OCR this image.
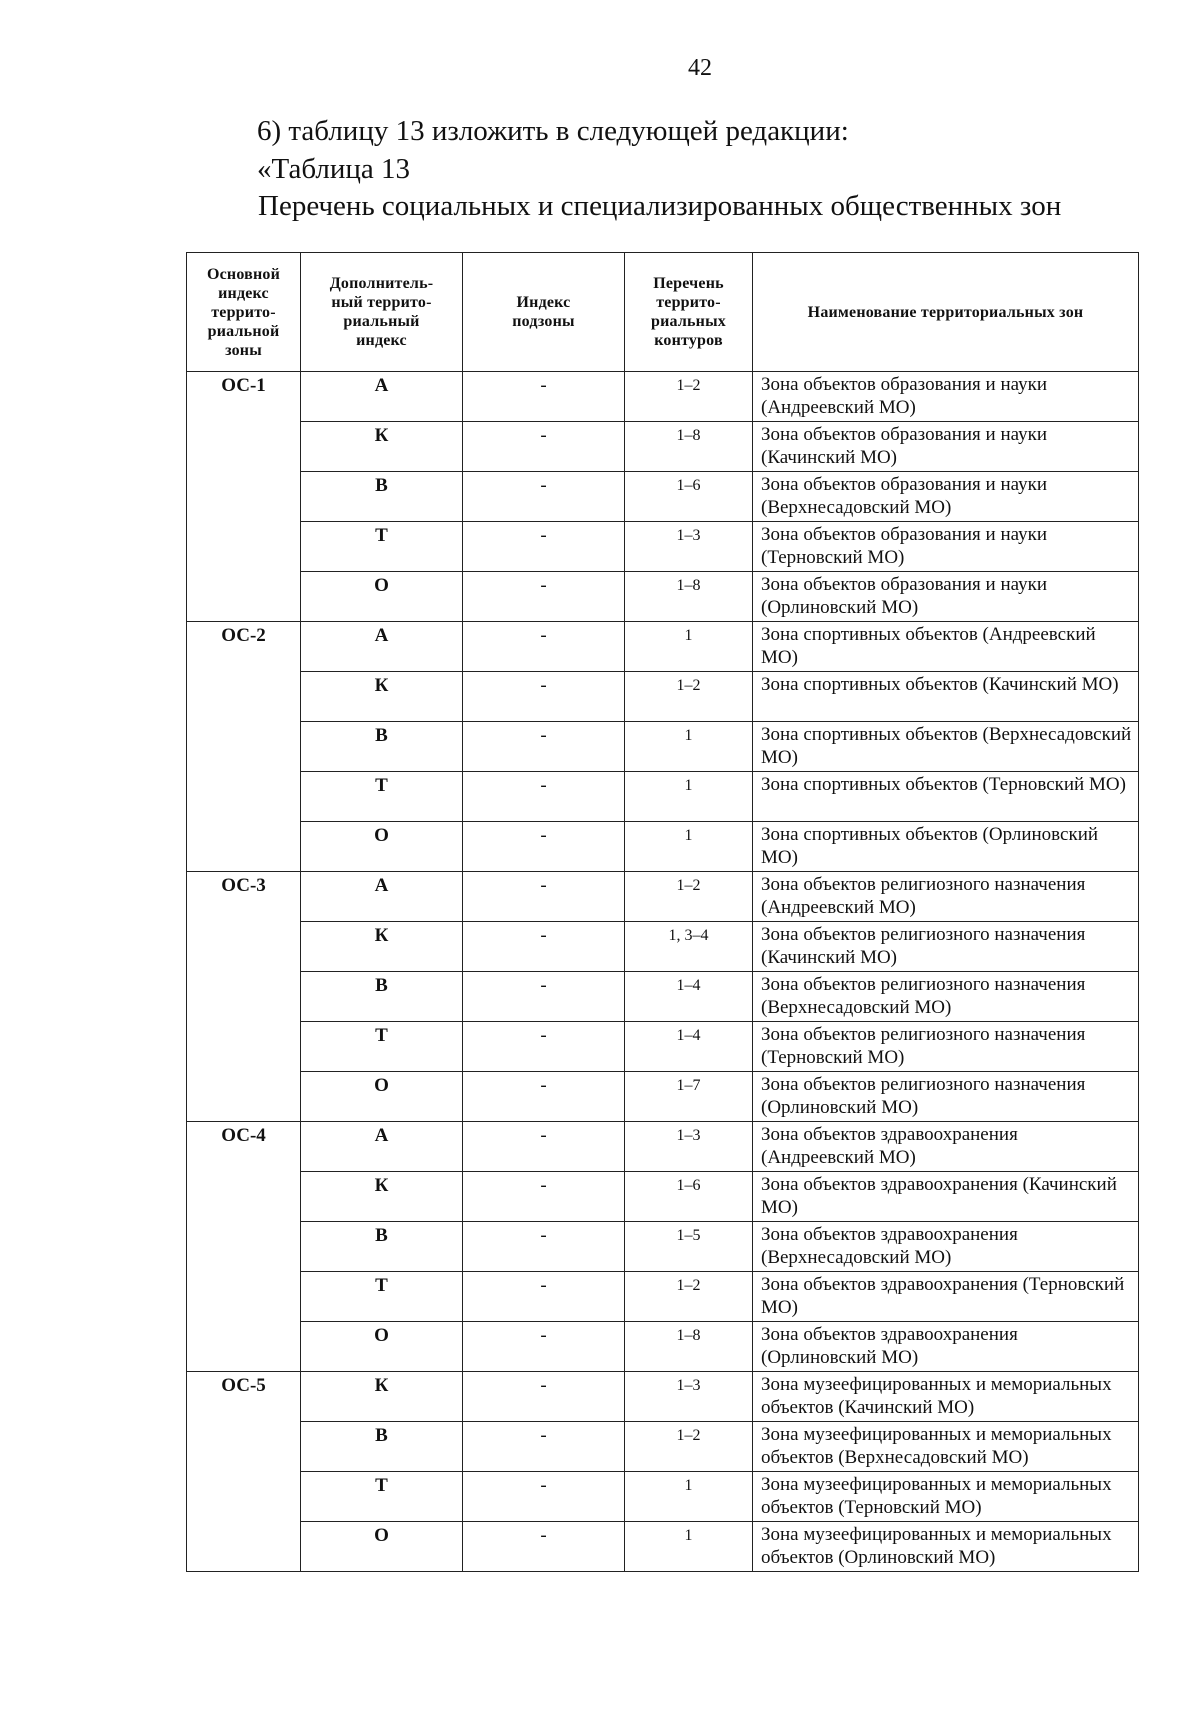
42
6) таблицу 13 изложить в следующей редакции:
«Таблица 13
Перечень социальных и специализированных общественных зон
Основной индекс террито-риальной зоны	Дополнитель-ный террито-риальный индекс	Индекс подзоны	Перечень террито-риальных контуров	Наименование территориальных зон
ОС-1	А	-	1–2	Зона объектов образования и науки (Андреевский МО)
	К	-	1–8	Зона объектов образования и науки (Качинский МО)
	В	-	1–6	Зона объектов образования и науки (Верхнесадовский МО)
	Т	-	1–3	Зона объектов образования и науки (Терновский МО)
	О	-	1–8	Зона объектов образования и науки (Орлиновский МО)
ОС-2	А	-	1	Зона спортивных объектов (Андреевский МО)
	К	-	1–2	Зона спортивных объектов (Качинский МО)
	В	-	1	Зона спортивных объектов (Верхнесадовский МО)
	Т	-	1	Зона спортивных объектов (Терновский МО)
	О	-	1	Зона спортивных объектов (Орлиновский МО)
ОС-3	А	-	1–2	Зона объектов религиозного назначения (Андреевский МО)
	К	-	1, 3–4	Зона объектов религиозного назначения (Качинский МО)
	В	-	1–4	Зона объектов религиозного назначения (Верхнесадовский МО)
	Т	-	1–4	Зона объектов религиозного назначения (Терновский МО)
	О	-	1–7	Зона объектов религиозного назначения (Орлиновский МО)
ОС-4	А	-	1–3	Зона объектов здравоохранения (Андреевский МО)
	К	-	1–6	Зона объектов здравоохранения (Качинский МО)
	В	-	1–5	Зона объектов здравоохранения (Верхнесадовский МО)
	Т	-	1–2	Зона объектов здравоохранения (Терновский МО)
	О	-	1–8	Зона объектов здравоохранения (Орлиновский МО)
ОС-5	К	-	1–3	Зона музеефицированных и мемориальных объектов (Качинский МО)
	В	-	1–2	Зона музеефицированных и мемориальных объектов (Верхнесадовский МО)
	Т	-	1	Зона музеефицированных и мемориальных объектов (Терновский МО)
	О	-	1	Зона музеефицированных и мемориальных объектов (Орлиновский МО)
